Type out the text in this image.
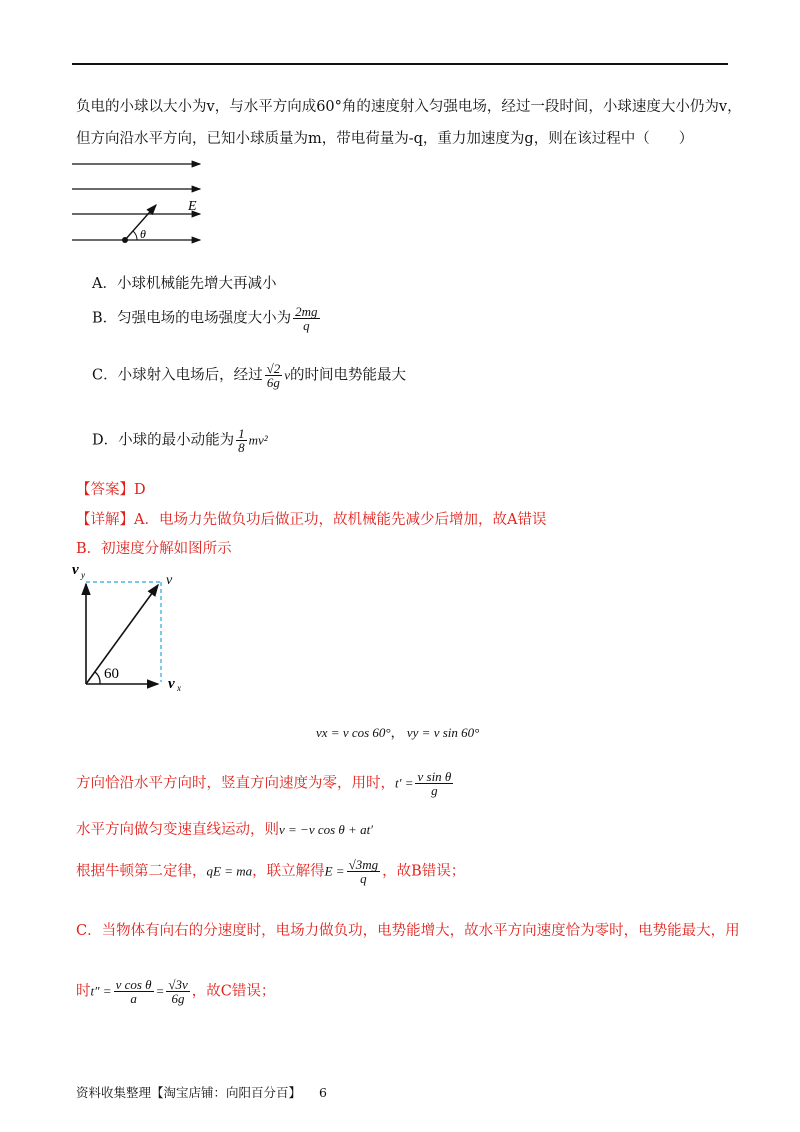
负电的小球以大小为v，与水平方向成60°角的速度射入匀强电场，经过一段时间，小球速度大小仍为v，
但方向沿水平方向，已知小球质量为m，带电荷量为-q，重力加速度为g，则在该过程中（　　）
θ
E
A．小球机械能先增大再减小
B．匀强电场的电场强度大小为 $\frac{2mg}{q}$
C．小球射入电场后，经过 $\frac{√2}{6g}$ v的时间电势能最大
D．小球的最小动能为 $\frac{1}{8} mv^2$
【答案】D
【详解】A．电场力先做负功后做正功，故机械能先减少后增加，故A错误
B．初速度分解如图所示
60
v y	v
v x
vx = v cos 60°， vy = v sin 60°
方向恰沿水平方向时，竖直方向速度为零，用时，$t' = \frac{\text{v sin θ}}{g}$
水平方向做匀变速直线运动，则v = −v cos θ + at′
根据牛顿第二定律，qE = ma，联立解得$E = \frac{√3mg}{q}$ ，故B错误；
C．当物体有向右的分速度时，电场力做负功，电势能增大，故水平方向速度恰为零时，电势能最大，用
时$t'' = \frac{\text{v cos θ}}{a} = \frac{√3v}{6g}$ ，故C错误；
资料收集整理【淘宝店铺：向阳百分百】 6
